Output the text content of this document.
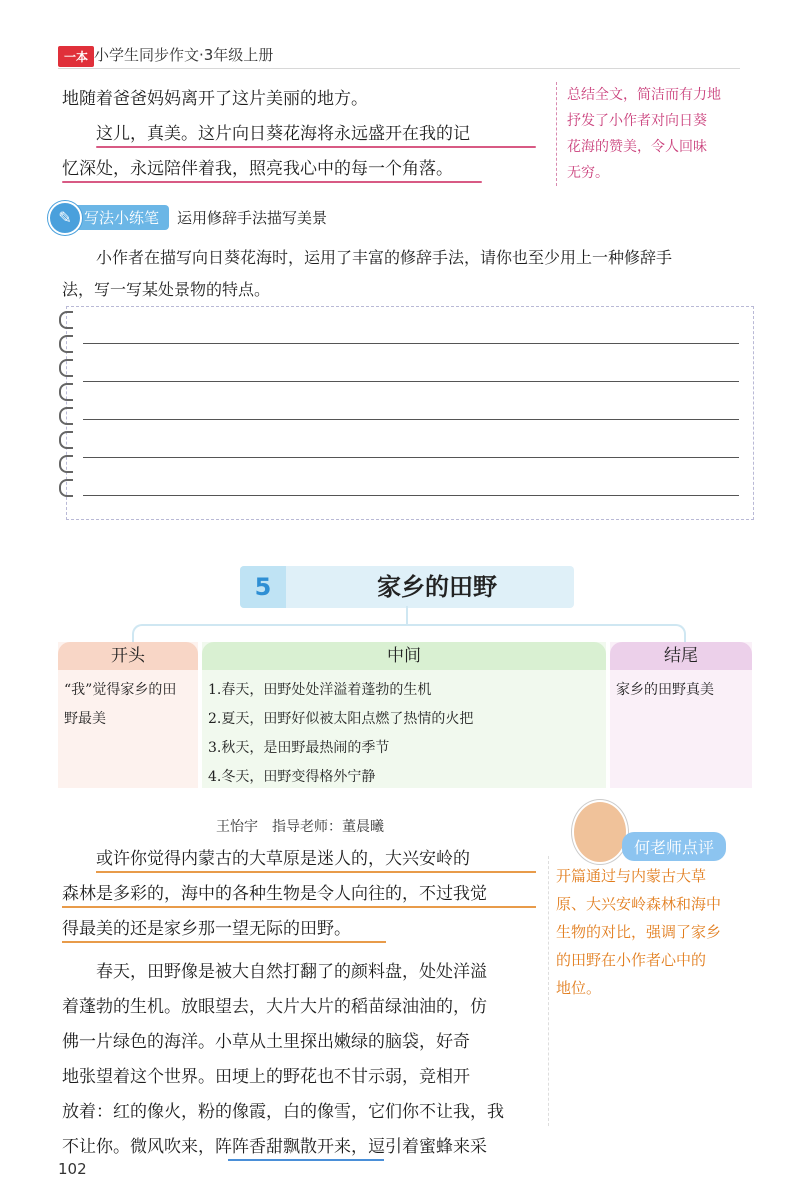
一本 小学生同步作文·3年级上册
地随着爸爸妈妈离开了这片美丽的地方。
这儿，真美。这片向日葵花海将永远盛开在我的记
忆深处，永远陪伴着我，照亮我心中的每一个角落。
总结全文，简洁而有力地
抒发了小作者对向日葵
花海的赞美，令人回味
无穷。
✎ 写法小练笔	运用修辞手法描写美景
小作者在描写向日葵花海时，运用了丰富的修辞手法，请你也至少用上一种修辞手
法，写一写某处景物的特点。
5	家乡的田野
开头
“我”觉得家乡的田
野最美
中间
1.春天，田野处处洋溢着蓬勃的生机
2.夏天，田野好似被太阳点燃了热情的火把
3.秋天，是田野最热闹的季节
4.冬天，田野变得格外宁静
结尾
家乡的田野真美
王怡宇　指导老师：董晨曦
何老师点评
开篇通过与内蒙古大草
原、大兴安岭森林和海中
生物的对比，强调了家乡
的田野在小作者心中的
地位。
或许你觉得内蒙古的大草原是迷人的，大兴安岭的
森林是多彩的，海中的各种生物是令人向往的，不过我觉
得最美的还是家乡那一望无际的田野。
春天，田野像是被大自然打翻了的颜料盘，处处洋溢
着蓬勃的生机。放眼望去，大片大片的稻苗绿油油的，仿
佛一片绿色的海洋。小草从土里探出嫩绿的脑袋，好奇
地张望着这个世界。田埂上的野花也不甘示弱，竞相开
放着：红的像火，粉的像霞，白的像雪，它们你不让我，我
不让你。微风吹来，阵阵香甜飘散开来，逗引着蜜蜂来采
102
